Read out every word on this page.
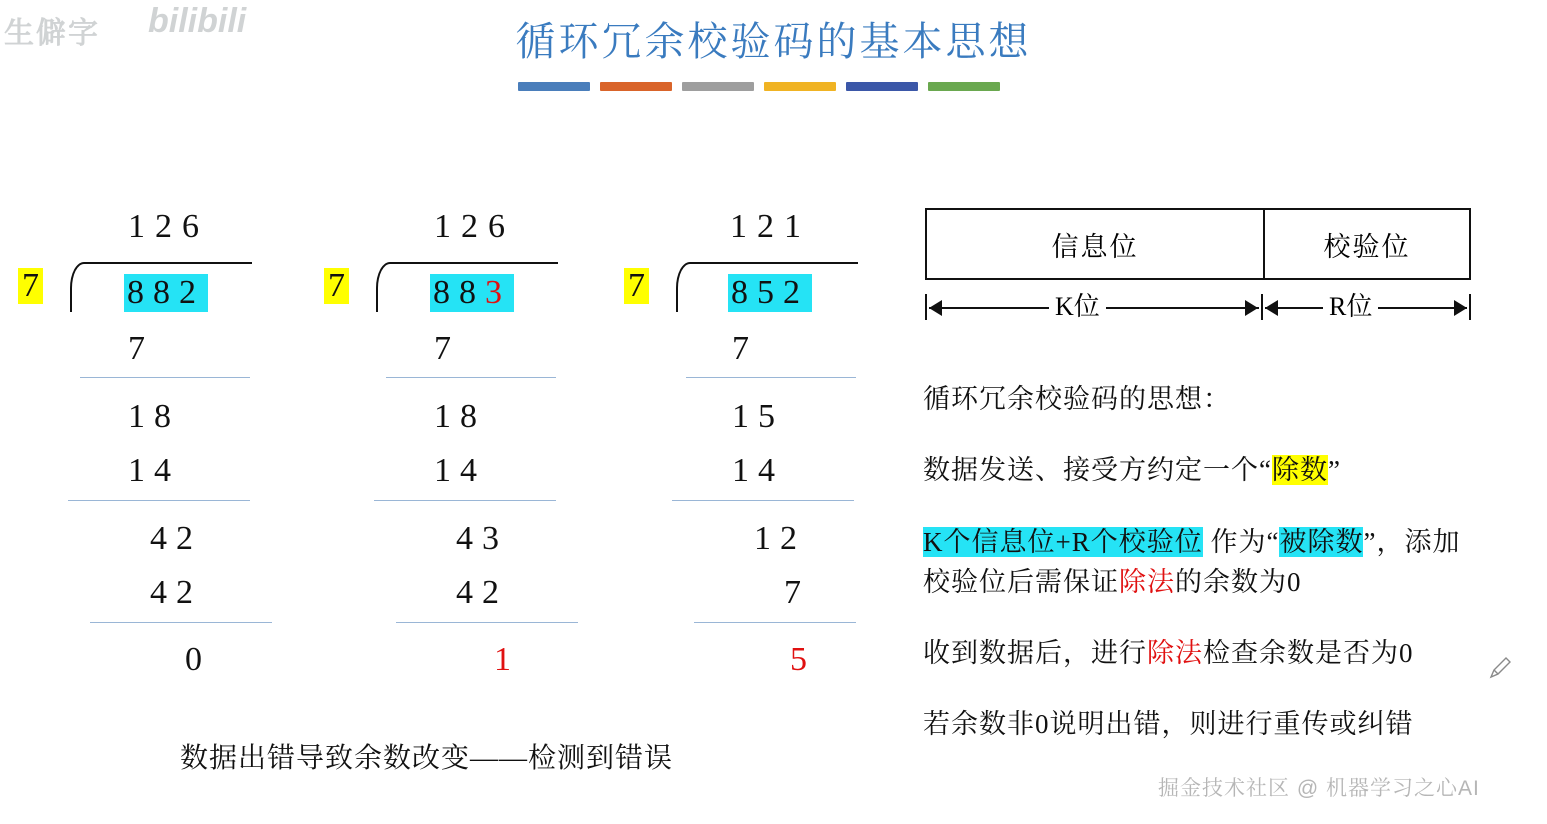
生僻字 bilibili	循环冗余校验码的基本思想
7
126
882
7
18
14
42
42
0
7
126
883
7
18
14
43
42
1
7
121
852
7
15
14
12
7
5
数据出错导致余数改变——检测到错误
信息位	校验位
K位	R位
循环冗余校验码的思想：
数据发送、接受方约定一个“除数”
K个信息位+R个校验位 作为“被除数”，添加
校验位后需保证除法的余数为0
收到数据后，进行除法检查余数是否为0
若余数非0说明出错，则进行重传或纠错
掘金技术社区 @ 机器学习之心AI
